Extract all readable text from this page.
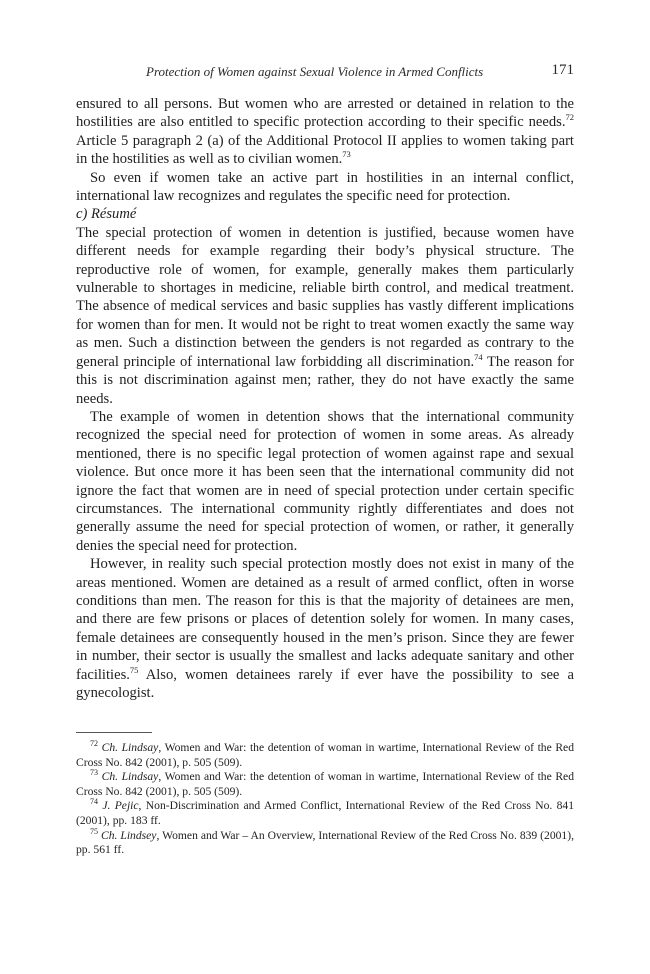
Protection of Women against Sexual Violence in Armed Conflicts	171

ensured to all persons. But women who are arrested or detained in relation to the hostilities are also entitled to specific protection according to their specific needs.$^{72}$ Article 5 paragraph 2 (a) of the Additional Protocol II applies to women taking part in the hostilities as well as to civilian women.$^{73}$

So even if women take an active part in hostilities in an internal conflict, international law recognizes and regulates the specific need for protection.

c) Résumé

The special protection of women in detention is justified, because women have different needs for example regarding their body’s physical structure. The reproductive role of women, for example, generally makes them particularly vulnerable to shortages in medicine, reliable birth control, and medical treatment. The absence of medical services and basic supplies has vastly different implications for women than for men. It would not be right to treat women exactly the same way as men. Such a distinction between the genders is not regarded as contrary to the general principle of international law forbidding all discrimination.$^{74}$ The reason for this is not discrimination against men; rather, they do not have exactly the same needs.

The example of women in detention shows that the international community recognized the special need for protection of women in some areas. As already mentioned, there is no specific legal protection of women against rape and sexual violence. But once more it has been seen that the international community did not ignore the fact that women are in need of special protection under certain specific circumstances. The international community rightly differentiates and does not generally assume the need for special protection of women, or rather, it generally denies the special need for protection.

However, in reality such special protection mostly does not exist in many of the areas mentioned. Women are detained as a result of armed conflict, often in worse conditions than men. The reason for this is that the majority of detainees are men, and there are few prisons or places of detention solely for women. In many cases, female detainees are consequently housed in the men’s prison. Since they are fewer in number, their sector is usually the smallest and lacks adequate sanitary and other facilities.$^{75}$ Also, women detainees rarely if ever have the possibility to see a gynecologist.

$^{72}$ Ch. Lindsay, Women and War: the detention of woman in wartime, International Review of the Red Cross No. 842 (2001), p. 505 (509).

$^{73}$ Ch. Lindsay, Women and War: the detention of woman in wartime, International Review of the Red Cross No. 842 (2001), p. 505 (509).

$^{74}$ J. Pejic, Non-Discrimination and Armed Conflict, International Review of the Red Cross No. 841 (2001), pp. 183 ff.

$^{75}$ Ch. Lindsey, Women and War – An Overview, International Review of the Red Cross No. 839 (2001), pp. 561 ff.
